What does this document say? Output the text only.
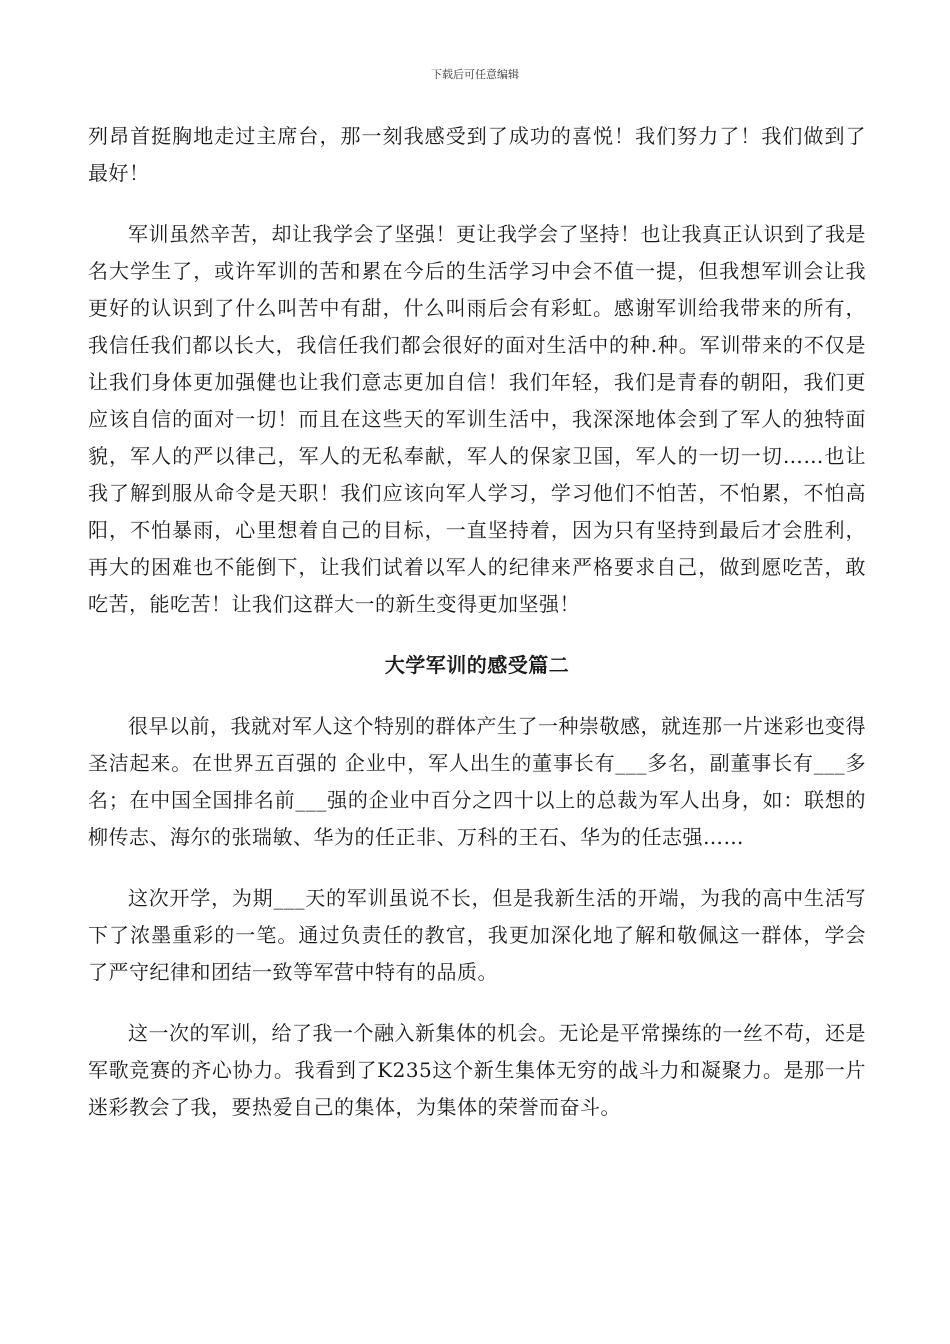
下载后可任意编辑

列昂首挺胸地走过主席台，那一刻我感受到了成功的喜悦！我们努力了！我们做到了最好！

军训虽然辛苦，却让我学会了坚强！更让我学会了坚持！也让我真正认识到了我是名大学生了，或许军训的苦和累在今后的生活学习中会不值一提，但我想军训会让我更好的认识到了什么叫苦中有甜，什么叫雨后会有彩虹。感谢军训给我带来的所有，我信任我们都以长大，我信任我们都会很好的面对生活中的种.种。军训带来的不仅是让我们身体更加强健也让我们意志更加自信！我们年轻，我们是青春的朝阳，我们更应该自信的面对一切！而且在这些天的军训生活中，我深深地体会到了军人的独特面貌，军人的严以律己，军人的无私奉献，军人的保家卫国，军人的一切一切……也让我了解到服从命令是天职！我们应该向军人学习，学习他们不怕苦，不怕累，不怕高阳，不怕暴雨，心里想着自己的目标，一直坚持着，因为只有坚持到最后才会胜利，再大的困难也不能倒下，让我们试着以军人的纪律来严格要求自己，做到愿吃苦，敢吃苦，能吃苦！让我们这群大一的新生变得更加坚强！

大学军训的感受篇二

很早以前，我就对军人这个特别的群体产生了一种崇敬感，就连那一片迷彩也变得圣洁起来。在世界五百强的 企业中，军人出生的董事长有___多名，副董事长有___多名；在中国全国排名前___强的企业中百分之四十以上的总裁为军人出身，如：联想的柳传志、海尔的张瑞敏、华为的任正非、万科的王石、华为的任志强……

这次开学，为期___天的军训虽说不长，但是我新生活的开端，为我的高中生活写下了浓墨重彩的一笔。通过负责任的教官，我更加深化地了解和敬佩这一群体，学会了严守纪律和团结一致等军营中特有的品质。

这一次的军训，给了我一个融入新集体的机会。无论是平常操练的一丝不苟，还是军歌竞赛的齐心协力。我看到了K235这个新生集体无穷的战斗力和凝聚力。是那一片迷彩教会了我，要热爱自己的集体，为集体的荣誉而奋斗。
